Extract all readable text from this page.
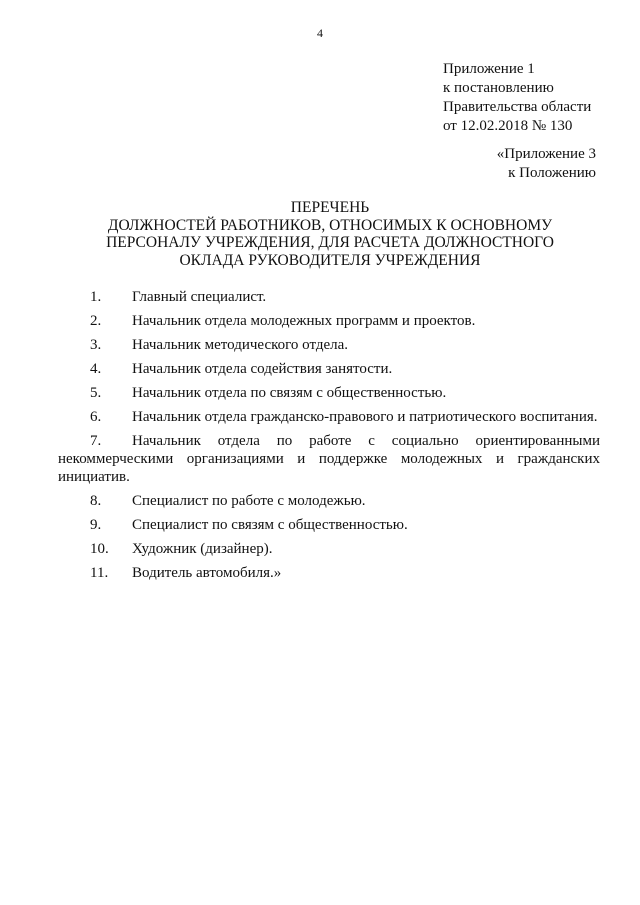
4
Приложение 1
к постановлению
Правительства области
от 12.02.2018 № 130
«Приложение 3
к Положению
ПЕРЕЧЕНЬ
ДОЛЖНОСТЕЙ РАБОТНИКОВ, ОТНОСИМЫХ К ОСНОВНОМУ
ПЕРСОНАЛУ УЧРЕЖДЕНИЯ, ДЛЯ РАСЧЕТА ДОЛЖНОСТНОГО
ОКЛАДА РУКОВОДИТЕЛЯ УЧРЕЖДЕНИЯ
1. Главный специалист.
2. Начальник отдела молодежных программ и проектов.
3. Начальник методического отдела.
4. Начальник отдела содействия занятости.
5. Начальник отдела по связям с общественностью.
6. Начальник отдела гражданско-правового и патриотического воспитания.
7. Начальник отдела по работе с социально ориентированными некоммерческими организациями и поддержке молодежных и гражданских инициатив.
8. Специалист по работе с молодежью.
9. Специалист по связям с общественностью.
10. Художник (дизайнер).
11. Водитель автомобиля.»
